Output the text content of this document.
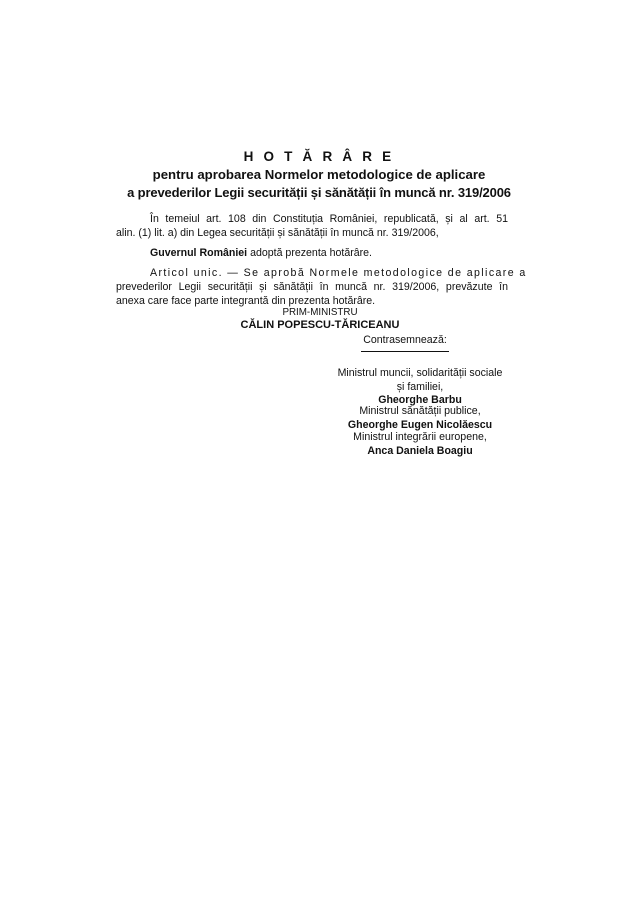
H O T Ă R Â R E
pentru aprobarea Normelor metodologice de aplicare
a prevederilor Legii securității și sănătății în muncă nr. 319/2006
În temeiul art. 108 din Constituția României, republicată, și al art. 51
alin. (1) lit. a) din Legea securității și sănătății în muncă nr. 319/2006,
Guvernul României adoptă prezenta hotărâre.
Articol unic. — Se aprobă Normele metodologice de aplicare a
prevederilor Legii securității și sănătății în muncă nr. 319/2006, prevăzute în
anexa care face parte integrantă din prezenta hotărâre.
PRIM-MINISTRU
CĂLIN POPESCU-TĂRICEANU
Contrasemnează:
Ministrul muncii, solidarității sociale
și familiei,
Gheorghe Barbu
Ministrul sănătății publice,
Gheorghe Eugen Nicolăescu
Ministrul integrării europene,
Anca Daniela Boagiu
